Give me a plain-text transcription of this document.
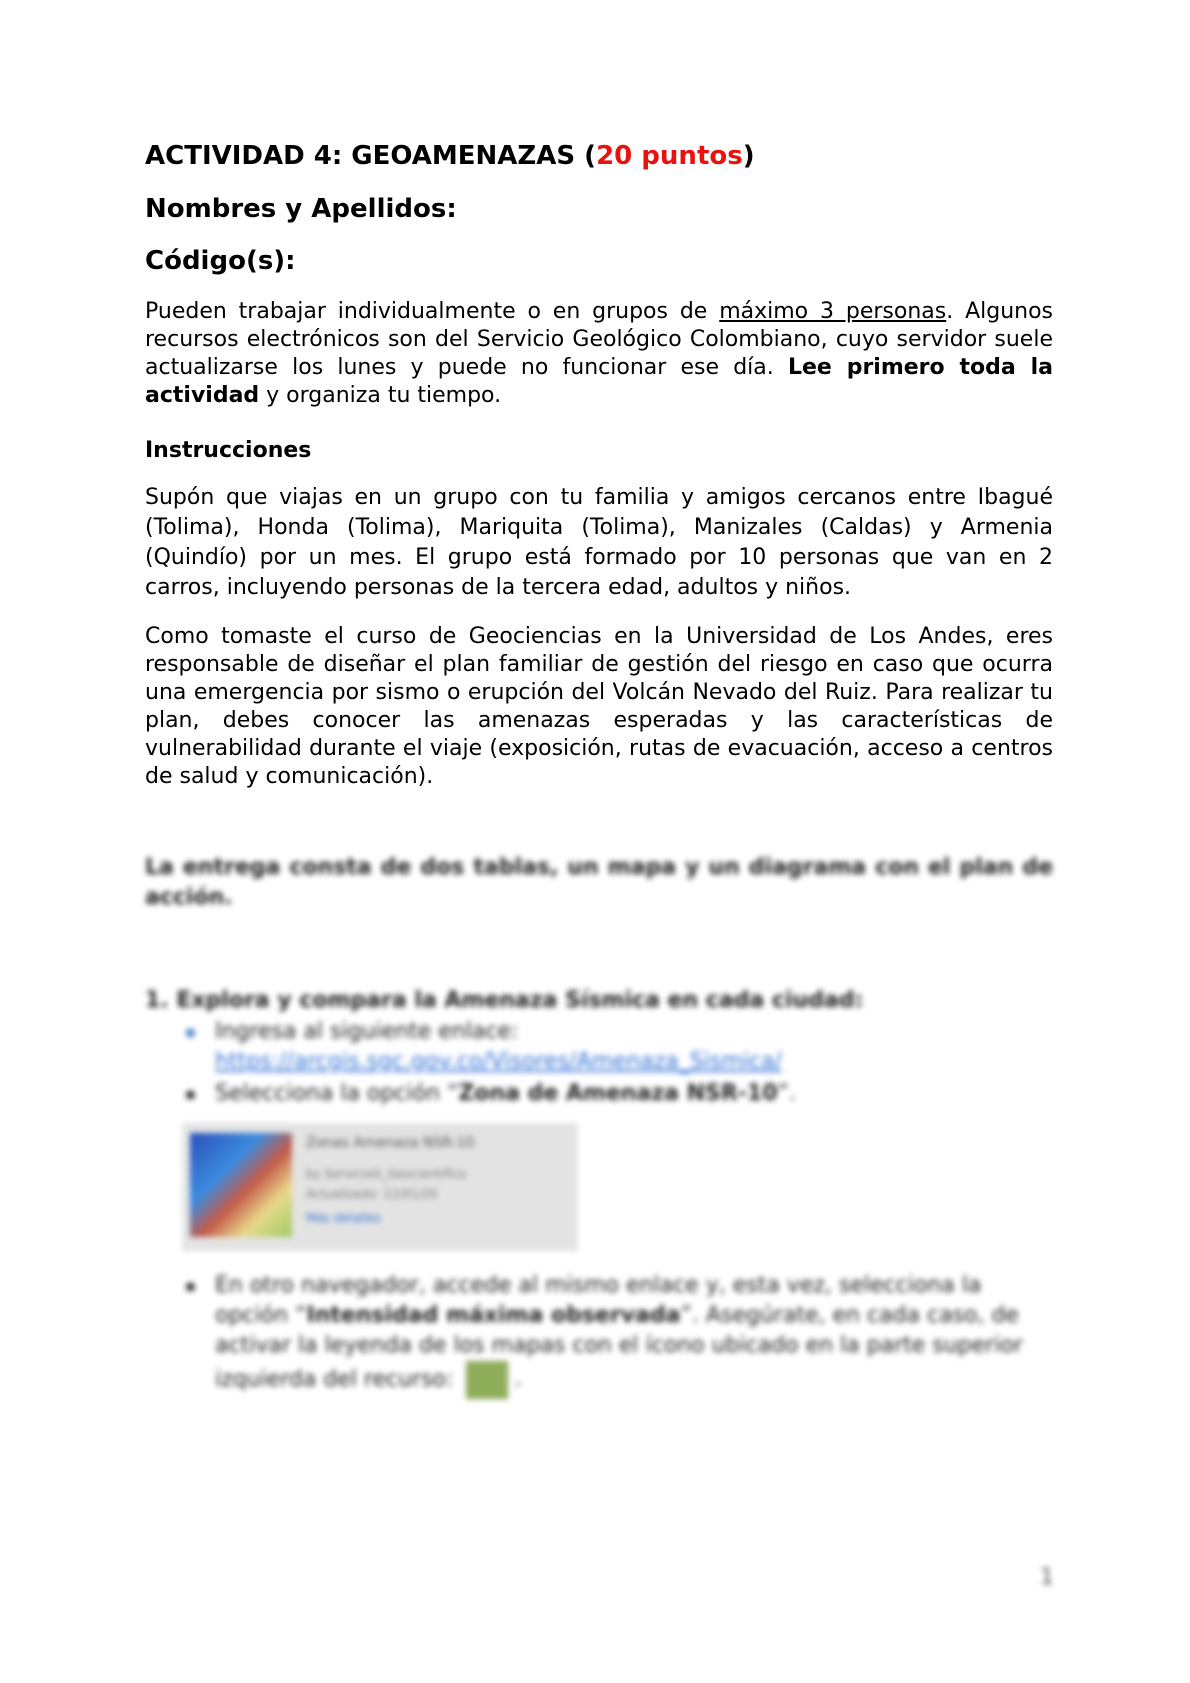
ACTIVIDAD 4: GEOAMENAZAS (20 puntos)
Nombres y Apellidos:
Código(s):

Pueden trabajar individualmente o en grupos de máximo 3 personas. Algunos recursos electrónicos son del Servicio Geológico Colombiano, cuyo servidor suele actualizarse los lunes y puede no funcionar ese día. Lee primero toda la actividad y organiza tu tiempo.

Instrucciones

Supón que viajas en un grupo con tu familia y amigos cercanos entre Ibagué (Tolima), Honda (Tolima), Mariquita (Tolima), Manizales (Caldas) y Armenia (Quindío) por un mes. El grupo está formado por 10 personas que van en 2 carros, incluyendo personas de la tercera edad, adultos y niños.

Como tomaste el curso de Geociencias en la Universidad de Los Andes, eres responsable de diseñar el plan familiar de gestión del riesgo en caso que ocurra una emergencia por sismo o erupción del Volcán Nevado del Ruiz. Para realizar tu plan, debes conocer las amenazas esperadas y las características de vulnerabilidad durante el viaje (exposición, rutas de evacuación, acceso a centros de salud y comunicación).

La entrega consta de dos tablas, un mapa y un diagrama con el plan de acción.
1. Explora y compara la Amenaza Sísmica en cada ciudad:
▪ Ingresa al siguiente enlace:
https://arcgis.sgc.gov.co/Visores/Amenaza_Sismica/
▪ Selecciona la opción “Zona de Amenaza NSR-10”.
Zonas Amenaza NSR-10
by ServicioG_Geocientifico
Actualizado: 12/01/20
Más detalles
▪ En otro navegador, accede al mismo enlace y, esta vez, selecciona la opción “Intensidad máxima observada”. Asegúrate, en cada caso, de activar la leyenda de los mapas con el ícono ubicado en la parte superior izquierda del recurso:	.
1
